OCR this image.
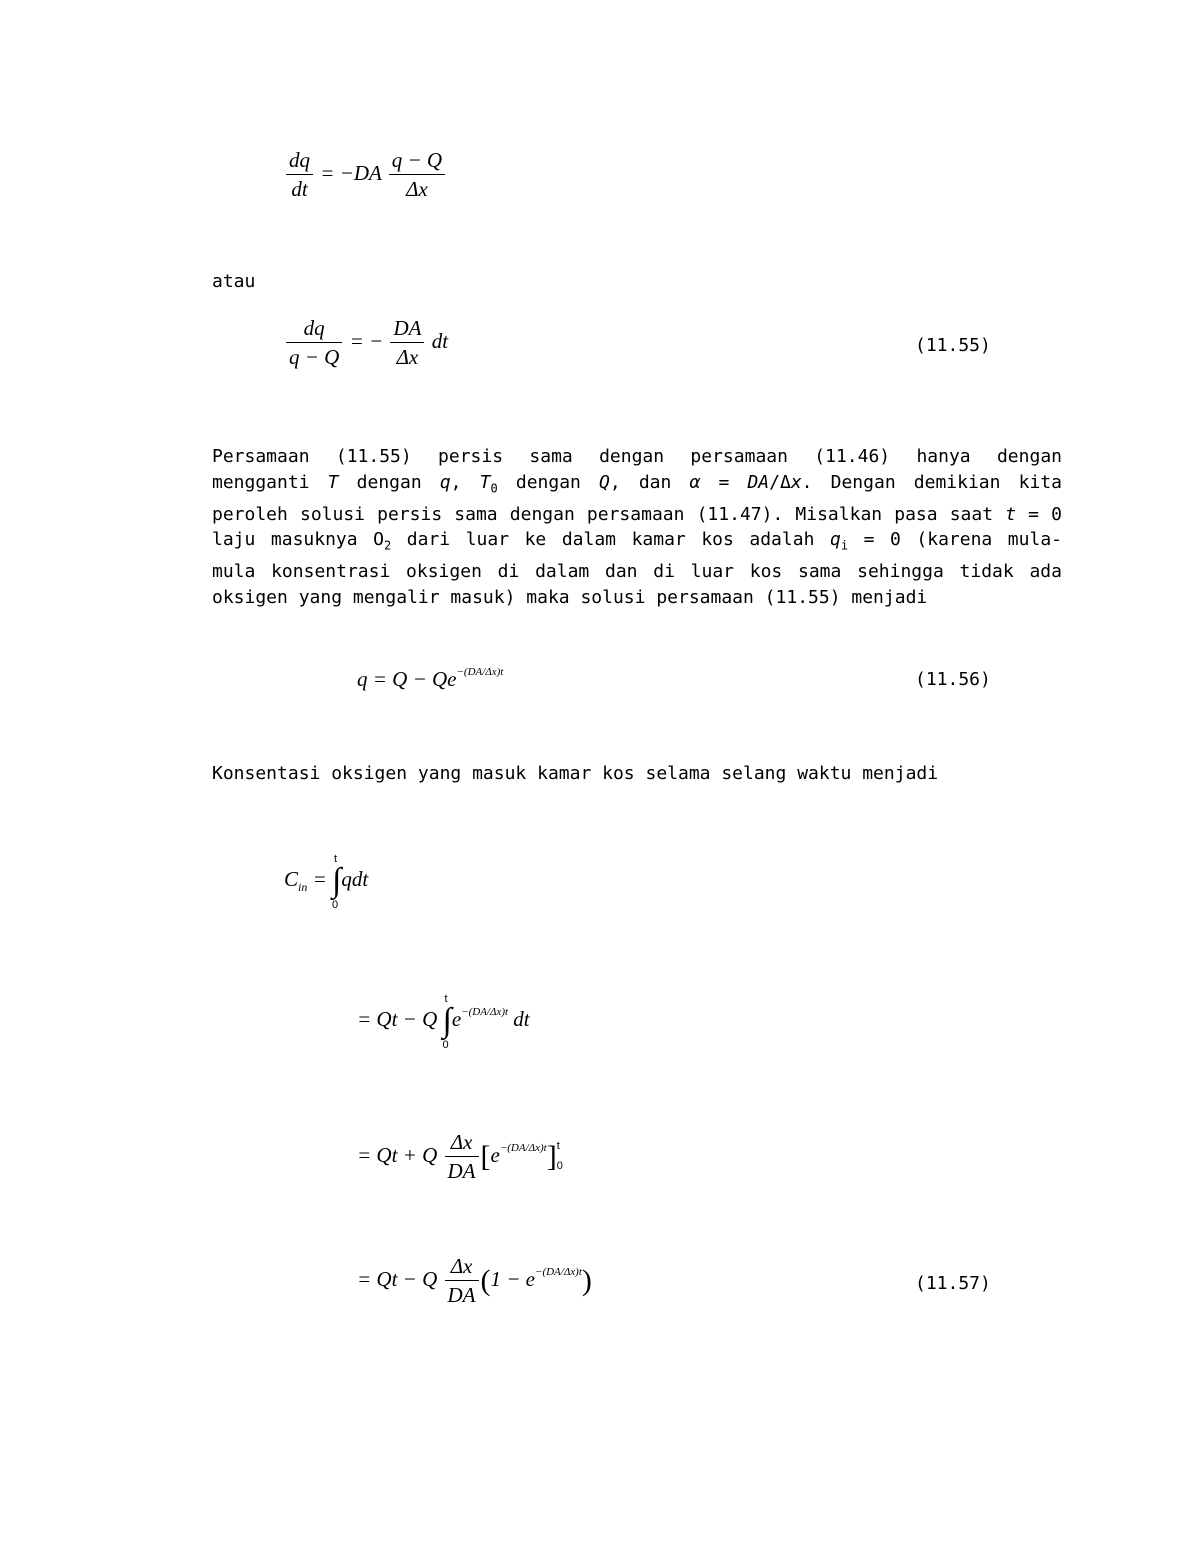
$\frac{dq}{dt} = -DA \frac{q - Q}{\Delta x}$
atau
$\frac{dq}{q - Q}$ = − $\frac{DA}{\Delta x}$ dt	(11.55)
Persamaan (11.55) persis sama dengan persamaan (11.46) hanya dengan
mengganti T dengan q, $T_0$ dengan Q, dan α = DA/Δx. Dengan demikian kita
peroleh solusi persis sama dengan persamaan (11.47). Misalkan pasa saat t = 0
laju masuknya $O_2$ dari luar ke dalam kamar kos adalah $q_i = 0$ (karena mula-
mula konsentrasi oksigen di dalam dan di luar kos sama sehingga tidak ada
oksigen yang mengalir masuk) maka solusi persamaan (11.55) menjadi
$q = Q - Qe^{-(DA/\Delta x)t}$	(11.56)
Konsentasi oksigen yang masuk kamar kos selama selang waktu menjadi
$C_{in}$ = ∫
t
0
qdt
= Qt − Q ∫
t
0
$e^{-(DA/\Delta x)t}$ dt
= Qt + Q $\frac{\Delta x}{DA} [e^{-(DA/\Delta x)t}]$ t
0
= Qt − Q $\frac{\Delta x}{DA} (1 - e^{-(DA/\Delta x)t})$	(11.57)
